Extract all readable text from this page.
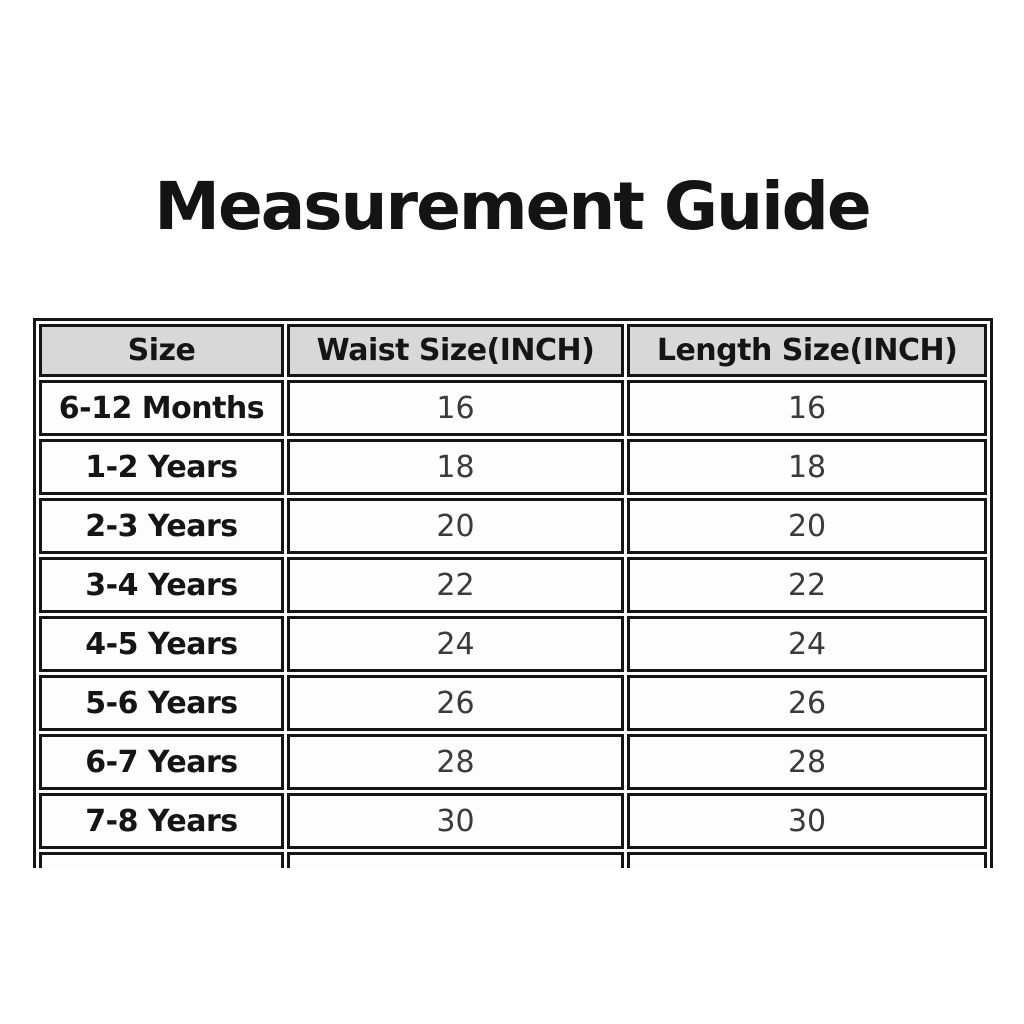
Measurement Guide
Size	Waist Size(INCH)	Length Size(INCH)
6-12 Months	16	16
1-2 Years	18	18
2-3 Years	20	20
3-4 Years	22	22
4-5 Years	24	24
5-6 Years	26	26
6-7 Years	28	28
7-8 Years	30	30
